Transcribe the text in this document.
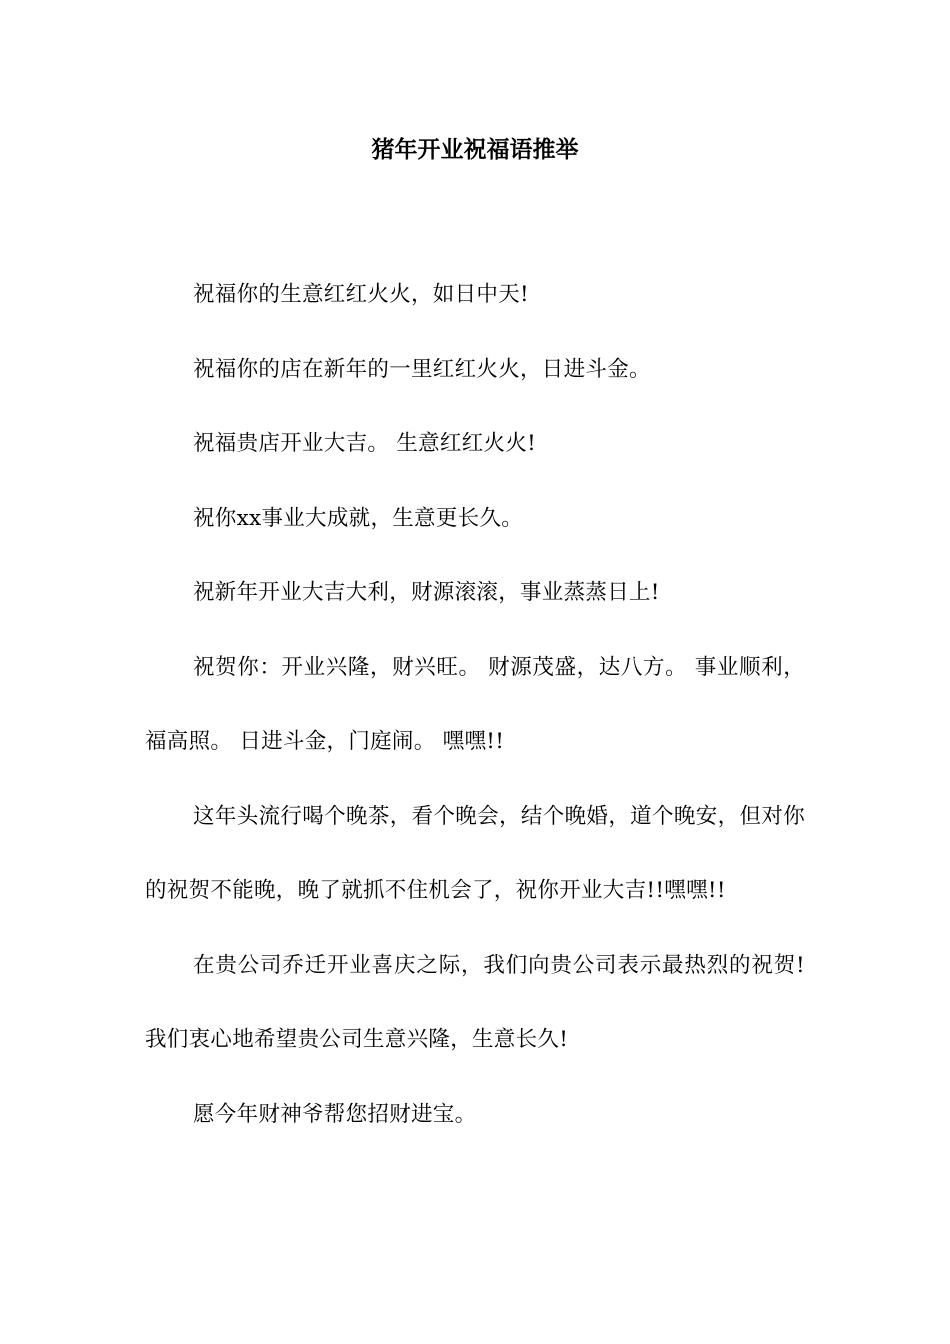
猪年开业祝福语推举

祝福你的生意红红火火，如日中天!

祝福你的店在新年的一里红红火火，日进斗金。

祝福贵店开业大吉。 生意红红火火!

祝你xx事业大成就，生意更长久。

祝新年开业大吉大利，财源滚滚，事业蒸蒸日上!

祝贺你：开业兴隆，财兴旺。 财源茂盛，达八方。 事业顺利，福高照。 日进斗金，门庭闹。 嘿嘿!!

这年头流行喝个晚茶，看个晚会，结个晚婚，道个晚安，但对你的祝贺不能晚，晚了就抓不住机会了，祝你开业大吉!!嘿嘿!!

在贵公司乔迁开业喜庆之际，我们向贵公司表示最热烈的祝贺!我们衷心地希望贵公司生意兴隆，生意长久!

愿今年财神爷帮您招财进宝。
